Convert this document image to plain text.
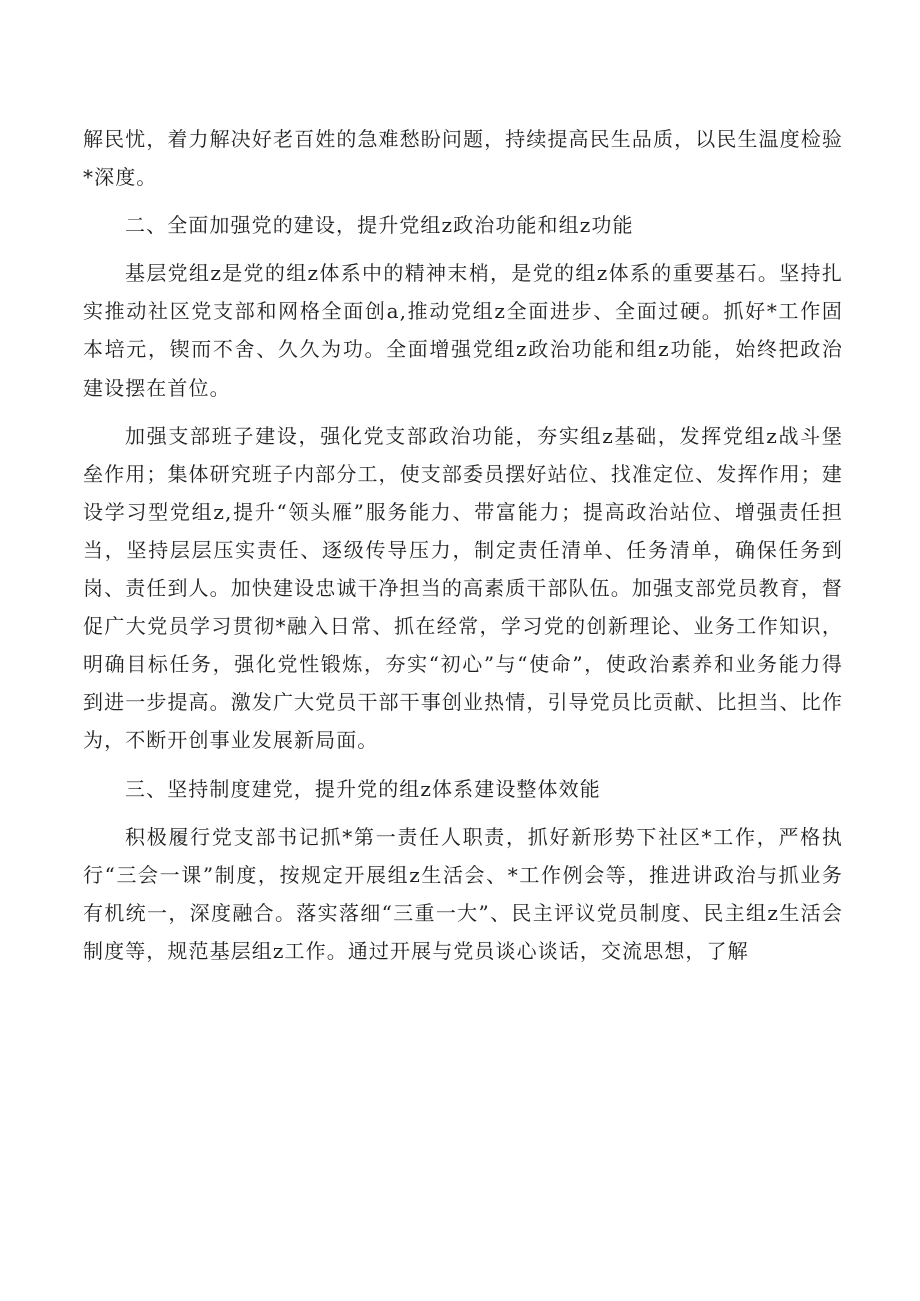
解民忧，着力解决好老百姓的急难愁盼问题，持续提高民生品质，以民生温度检验*深度。

二、全面加强党的建设，提升党组z政治功能和组z功能

基层党组z是党的组z体系中的精神末梢，是党的组z体系的重要基石。坚持扎实推动社区党支部和网格全面创a,推动党组z全面进步、全面过硬。抓好*工作固本培元，锲而不舍、久久为功。全面增强党组z政治功能和组z功能，始终把政治建设摆在首位。

加强支部班子建设，强化党支部政治功能，夯实组z基础，发挥党组z战斗堡垒作用；集体研究班子内部分工，使支部委员摆好站位、找准定位、发挥作用；建设学习型党组z,提升“领头雁”服务能力、带富能力；提高政治站位、增强责任担当，坚持层层压实责任、逐级传导压力，制定责任清单、任务清单，确保任务到岗、责任到人。加快建设忠诚干净担当的高素质干部队伍。加强支部党员教育，督促广大党员学习贯彻*融入日常、抓在经常，学习党的创新理论、业务工作知识，明确目标任务，强化党性锻炼，夯实“初心”与“使命”，使政治素养和业务能力得到进一步提高。激发广大党员干部干事创业热情，引导党员比贡献、比担当、比作为，不断开创事业发展新局面。

三、坚持制度建党，提升党的组z体系建设整体效能

积极履行党支部书记抓*第一责任人职责，抓好新形势下社区*工作，严格执行“三会一课”制度，按规定开展组z生活会、*工作例会等，推进讲政治与抓业务有机统一，深度融合。落实落细“三重一大”、民主评议党员制度、民主组z生活会制度等，规范基层组z工作。通过开展与党员谈心谈话，交流思想，了解
